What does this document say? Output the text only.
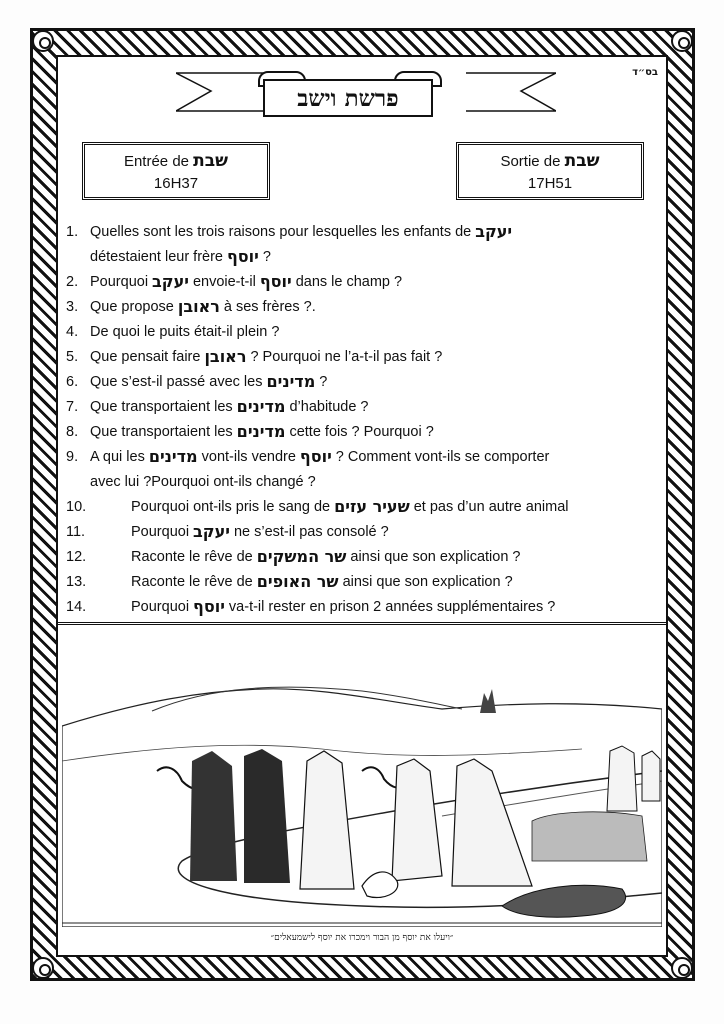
בס״ד
פרשת וישב
Entrée de שבת
16H37
Sortie de שבת
17H51
1. Quelles sont les trois raisons pour lesquelles les enfants de יעקב
détestaient leur frère יוסף ?
2. Pourquoi יעקב envoie-t-il יוסף dans le champ ?
3. Que propose ראובן à ses frères ?.
4. De quoi le puits était-il plein ?
5. Que pensait faire ראובן ? Pourquoi ne l’a-t-il pas fait ?
6. Que s’est-il passé avec les מדינים ?
7. Que transportaient les מדינים d’habitude ?
8. Que transportaient les מדינים cette fois ? Pourquoi ?
9. A qui les מדינים vont-ils vendre יוסף ? Comment vont-ils se comporter
avec lui ?Pourquoi ont-ils changé ?
10.	Pourquoi ont-ils pris le sang de שעיר עזים et pas d’un autre animal
11.	Pourquoi יעקב ne s’est-il pas consolé ?
12.	Raconte le rêve de שר המשקים ainsi que son explication ?
13.	Raconte le rêve de שר האופים ainsi que son explication ?
14.	Pourquoi יוסף va-t-il rester en prison 2 années supplémentaires ?
״ויעלו את יוסף מן הבור וימכרו את יוסף לישמעאלים״
